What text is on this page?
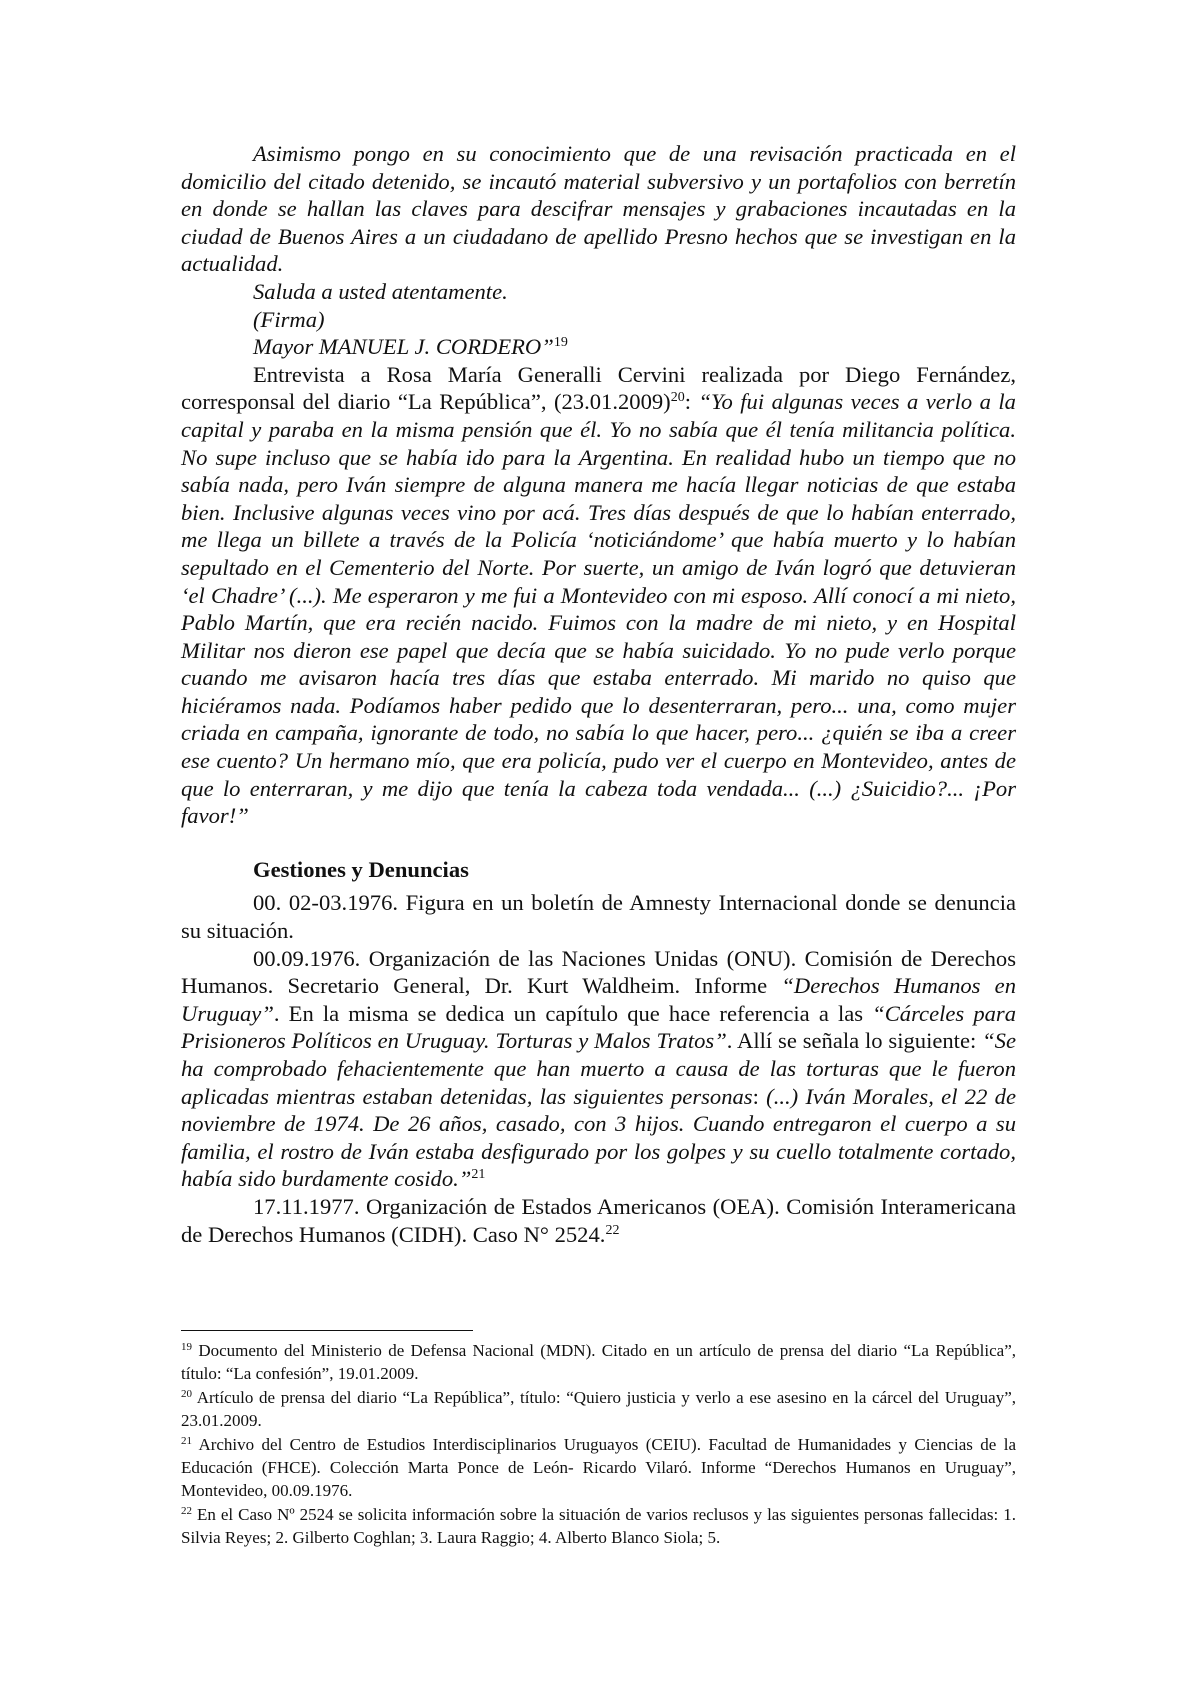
Asimismo pongo en su conocimiento que de una revisación practicada en el domicilio del citado detenido, se incautó material subversivo y un portafolios con berretín en donde se hallan las claves para descifrar mensajes y grabaciones incautadas en la ciudad de Buenos Aires a un ciudadano de apellido Presno hechos que se investigan en la actualidad.

Saluda a usted atentamente.

(Firma)

Mayor MANUEL J. CORDERO”$^{19}$

Entrevista a Rosa María Generalli Cervini realizada por Diego Fernández, corresponsal del diario “La República”, $(23.01.2009)^{20}$: “Yo fui algunas veces a verlo a la capital y paraba en la misma pensión que él. Yo no sabía que él tenía militancia política. No supe incluso que se había ido para la Argentina. En realidad hubo un tiempo que no sabía nada, pero Iván siempre de alguna manera me hacía llegar noticias de que estaba bien. Inclusive algunas veces vino por acá. Tres días después de que lo habían enterrado, me llega un billete a través de la Policía ‘noticiándome’ que había muerto y lo habían sepultado en el Cementerio del Norte. Por suerte, un amigo de Iván logró que detuvieran ‘el Chadre’ (...). Me esperaron y me fui a Montevideo con mi esposo. Allí conocí a mi nieto, Pablo Martín, que era recién nacido. Fuimos con la madre de mi nieto, y en Hospital Militar nos dieron ese papel que decía que se había suicidado. Yo no pude verlo porque cuando me avisaron hacía tres días que estaba enterrado. Mi marido no quiso que hiciéramos nada. Podíamos haber pedido que lo desenterraran, pero... una, como mujer criada en campaña, ignorante de todo, no sabía lo que hacer, pero... ¿quién se iba a creer ese cuento? Un hermano mío, que era policía, pudo ver el cuerpo en Montevideo, antes de que lo enterraran, y me dijo que tenía la cabeza toda vendada... (...) ¿Suicidio?... ¡Por favor!”

Gestiones y Denuncias

00. 02-03.1976. Figura en un boletín de Amnesty Internacional donde se denuncia su situación.

00.09.1976. Organización de las Naciones Unidas (ONU). Comisión de Derechos Humanos. Secretario General, Dr. Kurt Waldheim. Informe “Derechos Humanos en Uruguay”. En la misma se dedica un capítulo que hace referencia a las “Cárceles para Prisioneros Políticos en Uruguay. Torturas y Malos Tratos”. Allí se señala lo siguiente: “Se ha comprobado fehacientemente que han muerto a causa de las torturas que le fueron aplicadas mientras estaban detenidas, las siguientes personas: (...) Iván Morales, el 22 de noviembre de 1974. De 26 años, casado, con 3 hijos. Cuando entregaron el cuerpo a su familia, el rostro de Iván estaba desfigurado por los golpes y su cuello totalmente cortado, había sido burdamente cosido.”$^{21}$

17.11.1977. Organización de Estados Americanos (OEA). Comisión Interamericana de Derechos Humanos (CIDH). Caso N° 2524.22

$^{19}$ Documento del Ministerio de Defensa Nacional (MDN). Citado en un artículo de prensa del diario “La República”, título: “La confesión”, 19.01.2009.

$^{20}$ Artículo de prensa del diario “La República”, título: “Quiero justicia y verlo a ese asesino en la cárcel del Uruguay”, 23.01.2009.

$^{21}$ Archivo del Centro de Estudios Interdisciplinarios Uruguayos (CEIU). Facultad de Humanidades y Ciencias de la Educación (FHCE). Colección Marta Ponce de León- Ricardo Vilaró. Informe “Derechos Humanos en Uruguay”, Montevideo, 00.09.1976.

$^{22}$ En el Caso Nº 2524 se solicita información sobre la situación de varios reclusos y las siguientes personas fallecidas: 1. Silvia Reyes; 2. Gilberto Coghlan; 3. Laura Raggio; 4. Alberto Blanco Siola; 5.
